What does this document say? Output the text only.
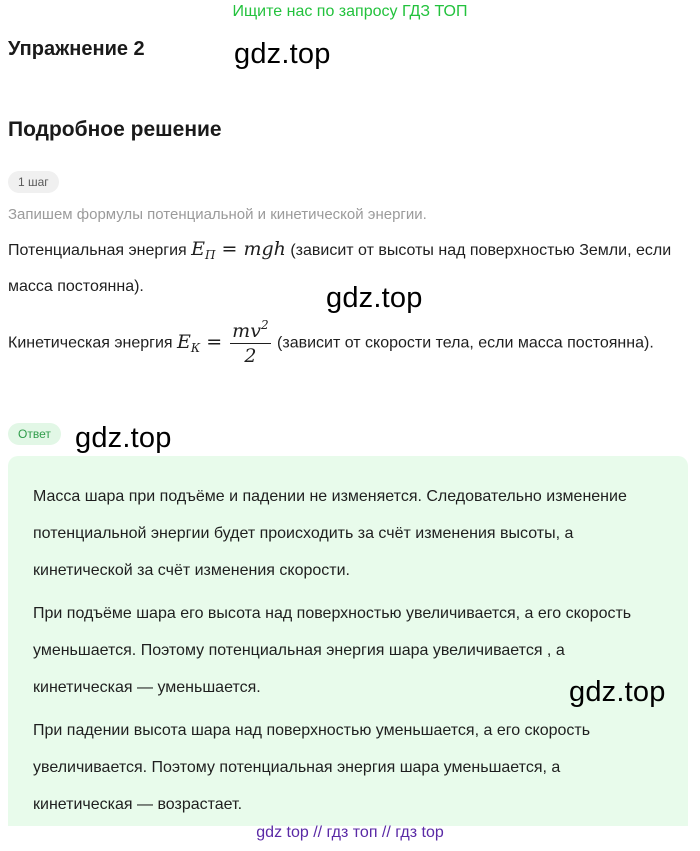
Ищите нас по запросу ГДЗ ТОП
Упражнение 2	gdz.top
Подробное решение
1 шаг
Запишем формулы потенциальной и кинетической энергии.
Потенциальная энергия $E_П$ = mgh (зависит от высоты над поверхностью Земли, если масса постоянна).	gdz.top
Кинетическая энергия $E_К = \frac{mv^2}{2}$ (зависит от скорости тела, если масса постоянна).
Ответ gdz.top
Масса шара при подъёме и падении не изменяется. Следовательно изменение потенциальной энергии будет происходить за счёт изменения высоты, а кинетической за счёт изменения скорости.
При подъёме шара его высота над поверхностью увеличивается, а его скорость уменьшается. Поэтому потенциальная энергия шара увеличивается , а кинетическая — уменьшается.
При падении высота шара над поверхностью уменьшается, а его скорость увеличивается. Поэтому потенциальная энергия шара уменьшается, а кинетическая — возрастает.
gdz.top
gdz top // гдз топ // гдз top
